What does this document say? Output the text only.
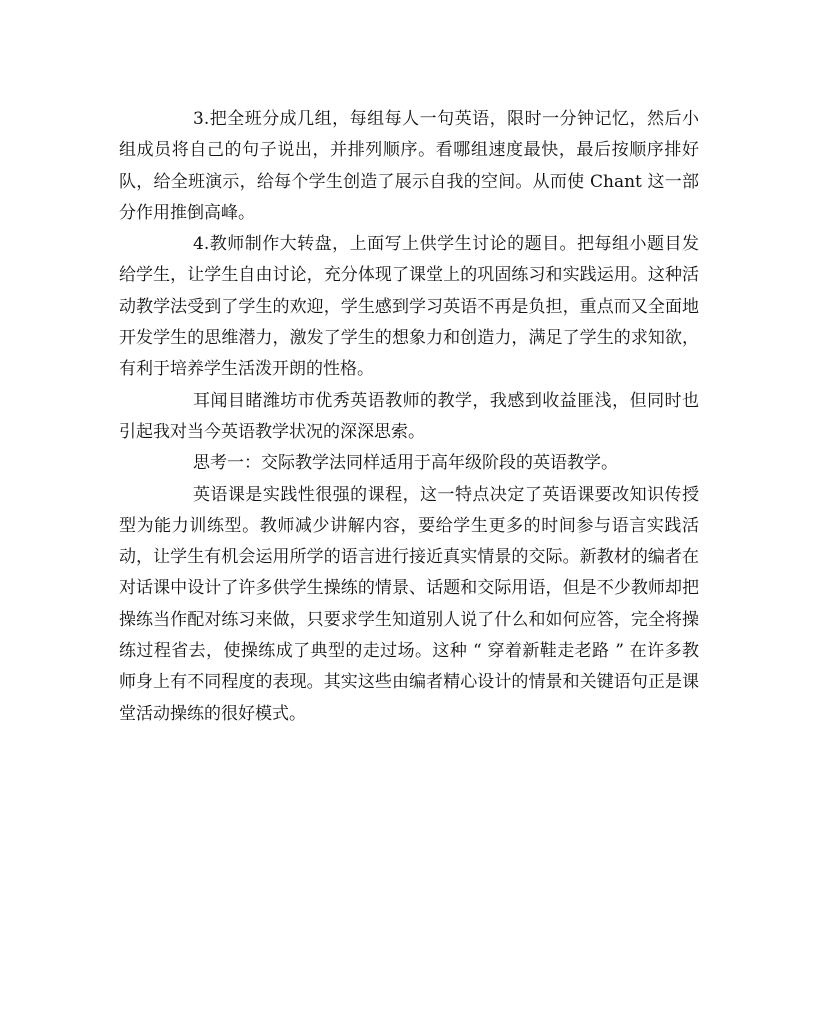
3.把全班分成几组，每组每人一句英语，限时一分钟记忆，然后小组成员将自己的句子说出，并排列顺序。看哪组速度最快，最后按顺序排好队，给全班演示，给每个学生创造了展示自我的空间。从而使 Chant 这一部分作用推倒高峰。

4.教师制作大转盘，上面写上供学生讨论的题目。把每组小题目发给学生，让学生自由讨论，充分体现了课堂上的巩固练习和实践运用。这种活动教学法受到了学生的欢迎，学生感到学习英语不再是负担，重点而又全面地开发学生的思维潜力，激发了学生的想象力和创造力，满足了学生的求知欲，有利于培养学生活泼开朗的性格。

耳闻目睹潍坊市优秀英语教师的教学，我感到收益匪浅，但同时也引起我对当今英语教学状况的深深思索。

思考一：交际教学法同样适用于高年级阶段的英语教学。

英语课是实践性很强的课程，这一特点决定了英语课要改知识传授型为能力训练型。教师减少讲解内容，要给学生更多的时间参与语言实践活动，让学生有机会运用所学的语言进行接近真实情景的交际。新教材的编者在对话课中设计了许多供学生操练的情景、话题和交际用语，但是不少教师却把操练当作配对练习来做，只要求学生知道别人说了什么和如何应答，完全将操练过程省去，使操练成了典型的走过场。这种 “ 穿着新鞋走老路 ” 在许多教师身上有不同程度的表现。其实这些由编者精心设计的情景和关键语句正是课堂活动操练的很好模式。
